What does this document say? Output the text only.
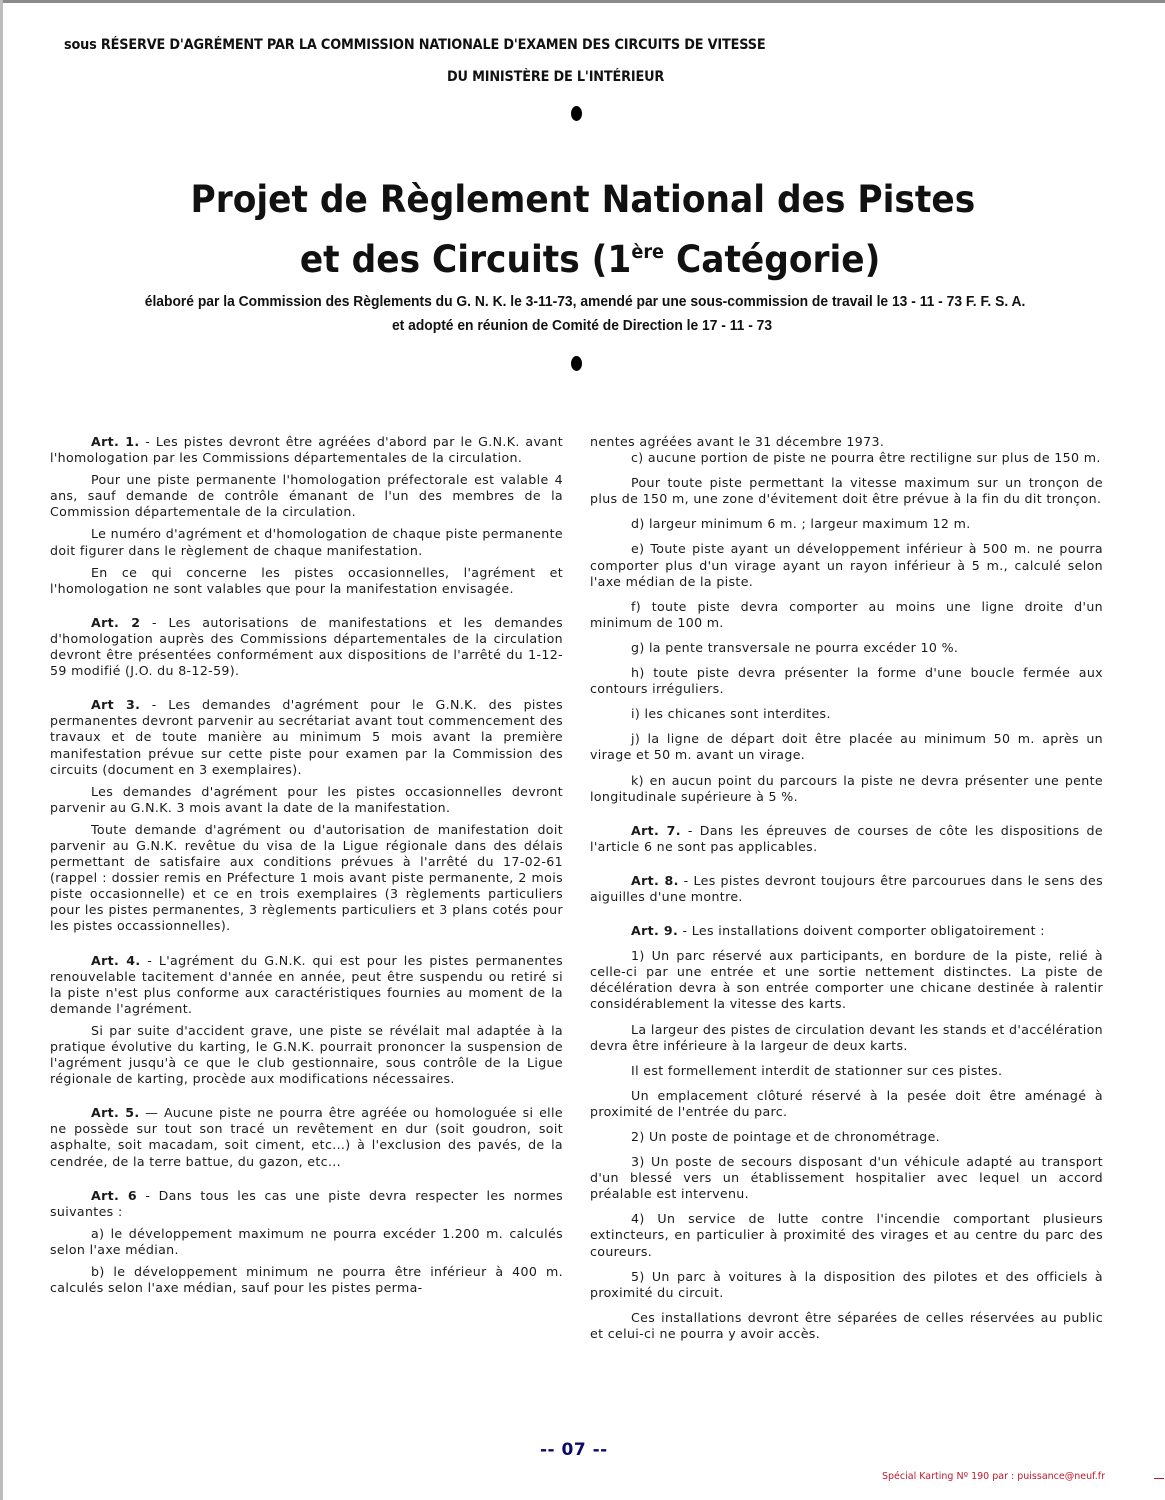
sous RÉSERVE D'AGRÉMENT PAR LA COMMISSION NATIONALE D'EXAMEN DES CIRCUITS DE VITESSE
DU MINISTÈRE DE L'INTÉRIEUR
Projet de Règlement National des Pistes
et des Circuits (1ère Catégorie)
élaboré par la Commission des Règlements du G. N. K. le 3-11-73, amendé par une sous-commission de travail le 13 - 11 - 73 F. F. S. A.
et adopté en réunion de Comité de Direction le 17 - 11 - 73

Art. 1. - Les pistes devront être agréées d'abord par le G.N.K. avant l'homologation par les Commissions départementales de la circulation.

Pour une piste permanente l'homologation préfectorale est valable 4 ans, sauf demande de contrôle émanant de l'un des membres de la Commission départementale de la circulation.

Le numéro d'agrément et d'homologation de chaque piste permanente doit figurer dans le règlement de chaque manifestation.

En ce qui concerne les pistes occasionnelles, l'agrément et l'homologation ne sont valables que pour la manifestation envisagée.

Art. 2 - Les autorisations de manifestations et les demandes d'homologation auprès des Commissions départementales de la circulation devront être présentées conformément aux dispositions de l'arrêté du 1-12-59 modifié (J.O. du 8-12-59).

Art 3. - Les demandes d'agrément pour le G.N.K. des pistes permanentes devront parvenir au secrétariat avant tout commencement des travaux et de toute manière au minimum 5 mois avant la première manifestation prévue sur cette piste pour examen par la Commission des circuits (document en 3 exemplaires).

Les demandes d'agrément pour les pistes occasionnelles devront parvenir au G.N.K. 3 mois avant la date de la manifestation.

Toute demande d'agrément ou d'autorisation de manifestation doit parvenir au G.N.K. revêtue du visa de la Ligue régionale dans des délais permettant de satisfaire aux conditions prévues à l'arrêté du 17-02-61 (rappel : dossier remis en Préfecture 1 mois avant piste permanente, 2 mois piste occasionnelle) et ce en trois exemplaires (3 règlements particuliers pour les pistes permanentes, 3 règlements particuliers et 3 plans cotés pour les pistes occassionnelles).

Art. 4. - L'agrément du G.N.K. qui est pour les pistes permanentes renouvelable tacitement d'année en année, peut être suspendu ou retiré si la piste n'est plus conforme aux caractéristiques fournies au moment de la demande l'agrément.

Si par suite d'accident grave, une piste se révélait mal adaptée à la pratique évolutive du karting, le G.N.K. pourrait prononcer la suspension de l'agrément jusqu'à ce que le club gestionnaire, sous contrôle de la Ligue régionale de karting, procède aux modifications nécessaires.

Art. 5. — Aucune piste ne pourra être agréée ou homologuée si elle ne possède sur tout son tracé un revêtement en dur (soit goudron, soit asphalte, soit macadam, soit ciment, etc...) à l'exclusion des pavés, de la cendrée, de la terre battue, du gazon, etc...

Art. 6 - Dans tous les cas une piste devra respecter les normes suivantes :

a) le développement maximum ne pourra excéder 1.200 m. calculés selon l'axe médian.

b) le développement minimum ne pourra être inférieur à 400 m. calculés selon l'axe médian, sauf pour les pistes perma-

nentes agréées avant le 31 décembre 1973.

c) aucune portion de piste ne pourra être rectiligne sur plus de 150 m.

Pour toute piste permettant la vitesse maximum sur un tronçon de plus de 150 m, une zone d'évitement doit être prévue à la fin du dit tronçon.

d) largeur minimum 6 m. ; largeur maximum 12 m.

e) Toute piste ayant un développement inférieur à 500 m. ne pourra comporter plus d'un virage ayant un rayon inférieur à 5 m., calculé selon l'axe médian de la piste.

f) toute piste devra comporter au moins une ligne droite d'un minimum de 100 m.

g) la pente transversale ne pourra excéder 10 %.

h) toute piste devra présenter la forme d'une boucle fermée aux contours irréguliers.

i) les chicanes sont interdites.

j) la ligne de départ doit être placée au minimum 50 m. après un virage et 50 m. avant un virage.

k) en aucun point du parcours la piste ne devra présenter une pente longitudinale supérieure à 5 %.

Art. 7. - Dans les épreuves de courses de côte les dispositions de l'article 6 ne sont pas applicables.

Art. 8. - Les pistes devront toujours être parcourues dans le sens des aiguilles d'une montre.

Art. 9. - Les installations doivent comporter obligatoirement :

1) Un parc réservé aux participants, en bordure de la piste, relié à celle-ci par une entrée et une sortie nettement distinctes. La piste de décélération devra à son entrée comporter une chicane destinée à ralentir considérablement la vitesse des karts.

La largeur des pistes de circulation devant les stands et d'accélération devra être inférieure à la largeur de deux karts.

Il est formellement interdit de stationner sur ces pistes.

Un emplacement clôturé réservé à la pesée doit être aménagé à proximité de l'entrée du parc.

2) Un poste de pointage et de chronométrage.

3) Un poste de secours disposant d'un véhicule adapté au transport d'un blessé vers un établissement hospitalier avec lequel un accord préalable est intervenu.

4) Un service de lutte contre l'incendie comportant plusieurs extincteurs, en particulier à proximité des virages et au centre du parc des coureurs.

5) Un parc à voitures à la disposition des pilotes et des officiels à proximité du circuit.

Ces installations devront être séparées de celles réservées au public et celui-ci ne pourra y avoir accès.

-- 07 --
Spécial Karting Nº 190 par : puissance@neuf.fr
